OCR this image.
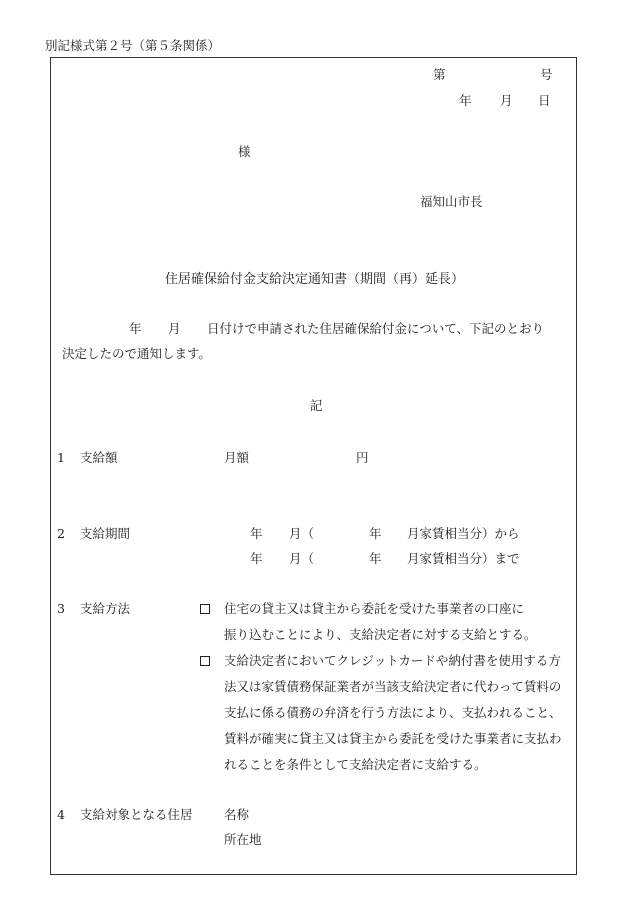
別記様式第２号（第５条関係）
第	号
年 月 日
様
福知山市長
住居確保給付金支給決定通知書（期間（再）延長）
年 月 日付けで申請された住居確保給付金について、下記のとおり
決定したので通知します。
記
1 支給額	月額	円
2 支給期間	年 月（	年 月家賃相当分）から
年 月（	年 月家賃相当分）まで
3 支給方法	住宅の貸主又は貸主から委託を受けた事業者の口座に
振り込むことにより、支給決定者に対する支給とする。
支給決定者においてクレジットカードや納付書を使用する方
法又は家賃債務保証業者が当該支給決定者に代わって賃料の
支払に係る債務の弁済を行う方法により、支払われること、
賃料が確実に貸主又は貸主から委託を受けた事業者に支払わ
れることを条件として支給決定者に支給する。
4 支給対象となる住居	名称
所在地
